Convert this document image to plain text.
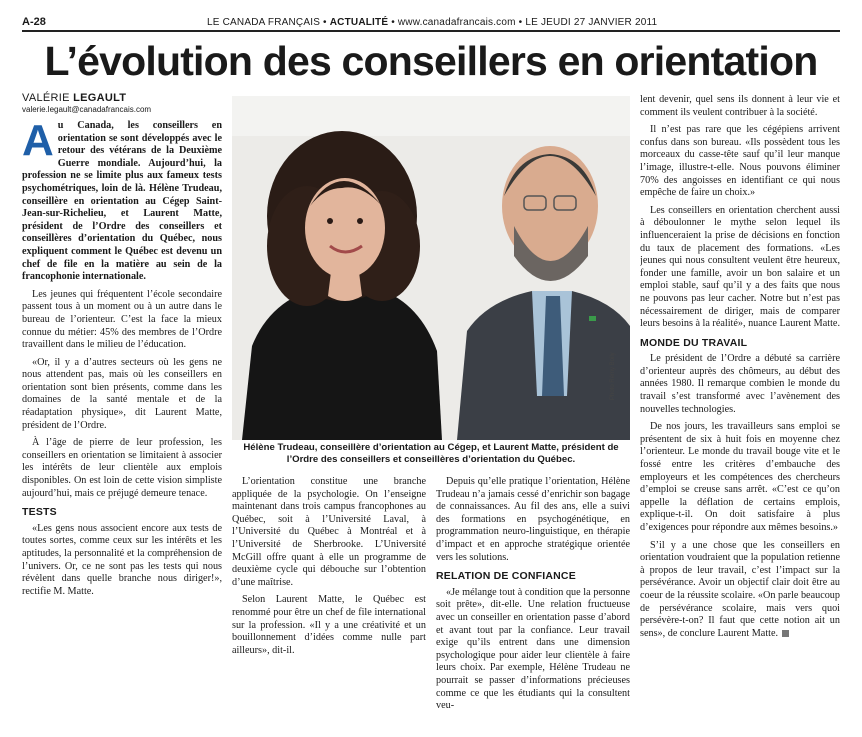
A-28	LE CANADA FRANÇAIS • ACTUALITÉ • www.canadafrancais.com • LE JEUDI 27 JANVIER 2011
L’évolution des conseillers en orientation
VALÉRIE LEGAULT
valerie.legault@canadafrancais.com

Au Canada, les conseillers en orientation se sont développés avec le retour des vétérans de la Deuxième Guerre mondiale. Aujourd’hui, la profession ne se limite plus aux fameux tests psychométriques, loin de là. Hélène Trudeau, conseillère en orientation au Cégep Saint-Jean-sur-Richelieu, et Laurent Matte, président de l’Ordre des conseillers et conseillères d’orientation du Québec, nous expliquent comment le Québec est devenu un chef de file en la matière au sein de la francophonie internationale.

Les jeunes qui fréquentent l’école secondaire passent tous à un moment ou à un autre dans le bureau de l’orienteur. C’est la face la mieux connue du métier: 45% des membres de l’Ordre travaillent dans le milieu de l’éducation.

«Or, il y a d’autres secteurs où les gens ne nous attendent pas, mais où les conseillers en orientation sont bien présents, comme dans les domaines de la santé mentale et de la réadaptation physique», dit Laurent Matte, président de l’Ordre.

À l’âge de pierre de leur profession, les conseillers en orientation se limitaient à associer les intérêts de leur clientèle aux emplois disponibles. On est loin de cette vision simpliste aujourd’hui, mais ce préjugé demeure tenace.

TESTS

«Les gens nous associent encore aux tests de toutes sortes, comme ceux sur les intérêts et les aptitudes, la personnalité et la compréhension de l’univers. Or, ce ne sont pas les tests qui nous révèlent dans quelle branche nous diriger!», rectifie M. Matte.

Photo Rémy Boily
Hélène Trudeau, conseillère d’orientation au Cégep, et Laurent Matte, président de l’Ordre des conseillers et conseillères d’orientation du Québec.

L’orientation constitue une branche appliquée de la psychologie. On l’enseigne maintenant dans trois campus francophones au Québec, soit à l’Université Laval, à l’Université du Québec à Montréal et à l’Université de Sherbrooke. L’Université McGill offre quant à elle un programme de deuxième cycle qui débouche sur l’obtention d’une maîtrise.

Selon Laurent Matte, le Québec est renommé pour être un chef de file international sur la profession. «Il y a une créativité et un bouillonnement d’idées comme nulle part ailleurs», dit-il.

Depuis qu’elle pratique l’orientation, Hélène Trudeau n’a jamais cessé d’enrichir son bagage de connaissances. Au fil des ans, elle a suivi des formations en psychogénétique, en programmation neuro-linguistique, en thérapie d’impact et en approche stratégique orientée vers les solutions.

RELATION DE CONFIANCE

«Je mélange tout à condition que la personne soit prête», dit-elle. Une relation fructueuse avec un conseiller en orientation passe d’abord et avant tout par la confiance. Leur travail exige qu’ils entrent dans une dimension psychologique pour aider leur clientèle à faire leurs choix. Par exemple, Hélène Trudeau ne pourrait se passer d’informations précieuses comme ce que les étudiants qui la consultent veu-

lent devenir, quel sens ils donnent à leur vie et comment ils veulent contribuer à la société.

Il n’est pas rare que les cégépiens arrivent confus dans son bureau. «Ils possèdent tous les morceaux du casse-tête sauf qu’il leur manque l’image, illustre-t-elle. Nous pouvons éliminer 70% des angoisses en identifiant ce qui nous empêche de faire un choix.»

Les conseillers en orientation cherchent aussi à déboulonner le mythe selon lequel ils influenceraient la prise de décisions en fonction du taux de placement des formations. «Les jeunes qui nous consultent veulent être heureux, fonder une famille, avoir un bon salaire et un emploi stable, sauf qu’il y a des faits que nous ne pouvons pas leur cacher. Notre but n’est pas nécessairement de diriger, mais de comparer leurs besoins à la réalité», nuance Laurent Matte.

MONDE DU TRAVAIL

Le président de l’Ordre a débuté sa carrière d’orienteur auprès des chômeurs, au début des années 1980. Il remarque combien le monde du travail s’est transformé avec l’avènement des nouvelles technologies.

De nos jours, les travailleurs sans emploi se présentent de six à huit fois en moyenne chez l’orienteur. Le monde du travail bouge vite et le fossé entre les critères d’embauche des employeurs et les compétences des chercheurs d’emploi se creuse sans arrêt. «C’est ce qu’on appelle la déflation de certains emplois, explique-t-il. On doit satisfaire à plus d’exigences pour répondre aux mêmes besoins.»

S’il y a une chose que les conseillers en orientation voudraient que la population retienne à propos de leur travail, c’est l’impact sur la persévérance. Avoir un objectif clair doit être au coeur de la réussite scolaire. «On parle beaucoup de persévérance scolaire, mais vers quoi persévère-t-on? Il faut que cette notion ait un sens», de conclure Laurent Matte.
